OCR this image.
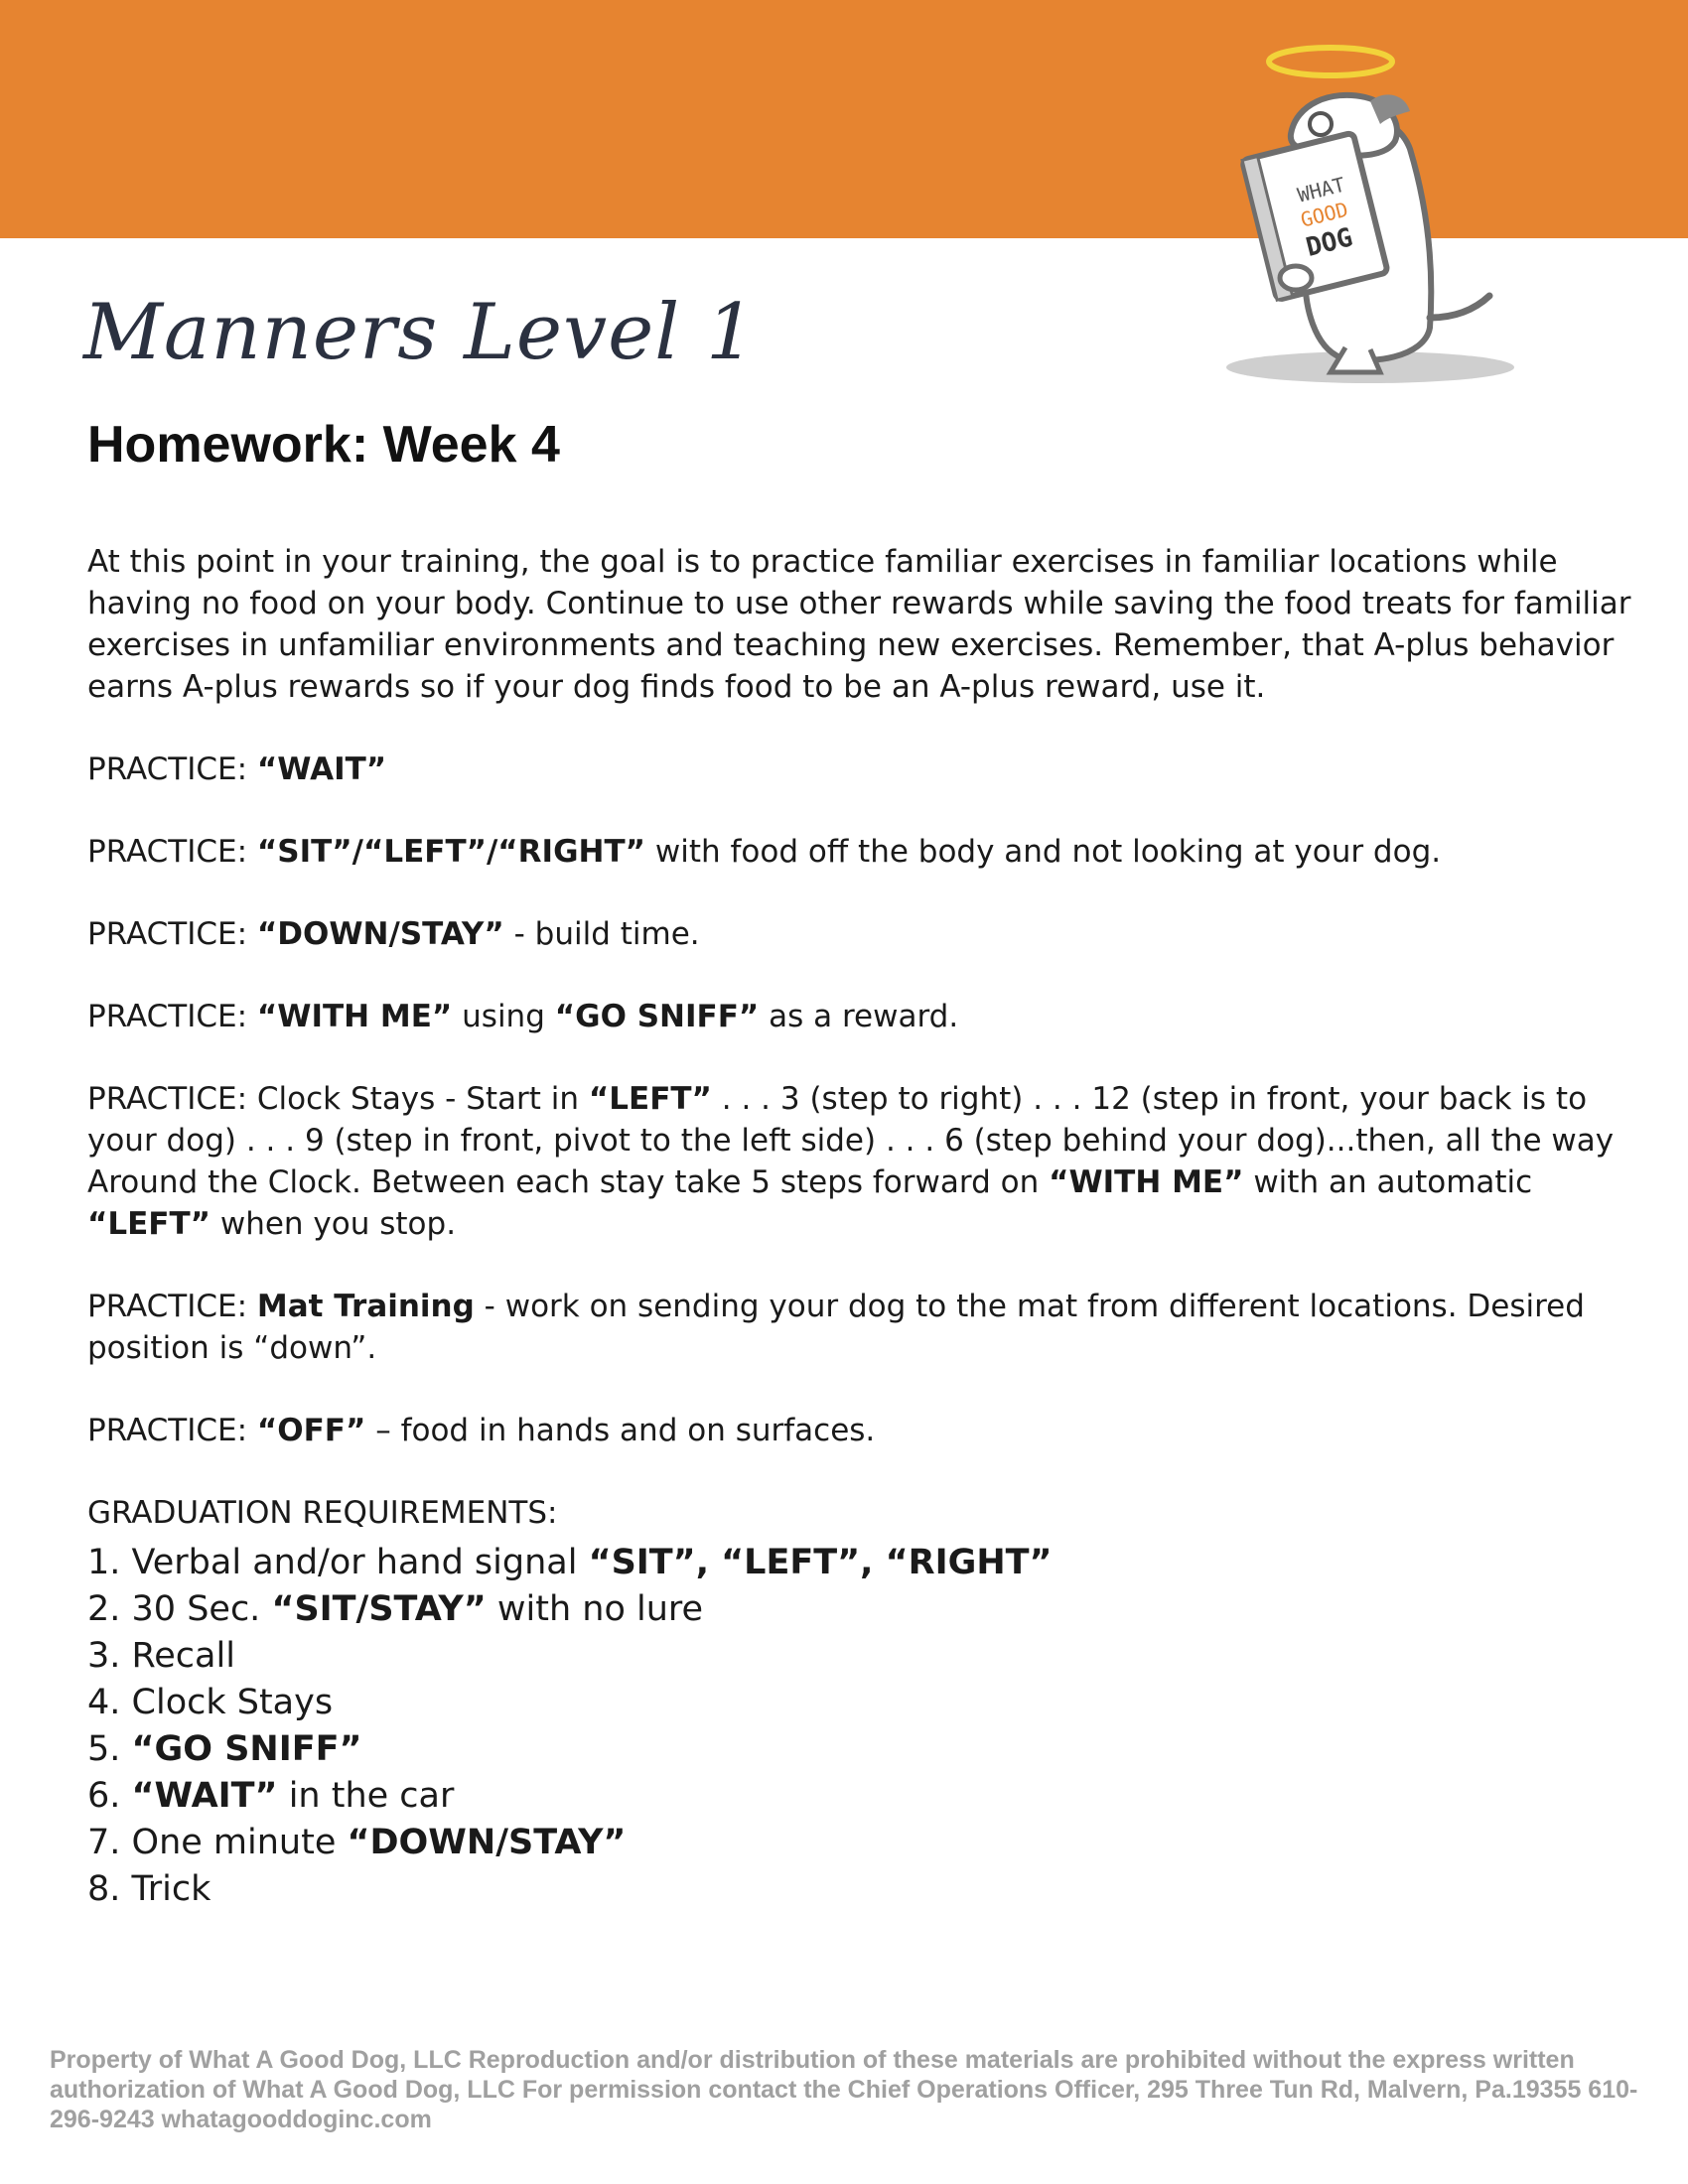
WHAT
GOOD
DOG
Manners Level 1
Homework: Week 4

At this point in your training, the goal is to practice familiar exercises in familiar locations while having no food on your body. Continue to use other rewards while saving the food treats for familiar exercises in unfamiliar environments and teaching new exercises. Remember, that A-plus behavior earns A-plus rewards so if your dog finds food to be an A-plus reward, use it.

PRACTICE: “WAIT”

PRACTICE: “SIT”/“LEFT”/“RIGHT” with food off the body and not looking at your dog.

PRACTICE: “DOWN/STAY” - build time.

PRACTICE: “WITH ME” using “GO SNIFF” as a reward.

PRACTICE: Clock Stays - Start in “LEFT” . . . 3 (step to right) . . . 12 (step in front, your back is to your dog) . . . 9 (step in front, pivot to the left side) . . . 6 (step behind your dog)...then, all the way Around the Clock. Between each stay take 5 steps forward on “WITH ME” with an automatic “LEFT” when you stop.

PRACTICE: Mat Training - work on sending your dog to the mat from different locations. Desired position is “down”.

PRACTICE: “OFF” – food in hands and on surfaces.

GRADUATION REQUIREMENTS:
1. Verbal and/or hand signal “SIT”, “LEFT”, “RIGHT”
2. 30 Sec. “SIT/STAY” with no lure
3. Recall
4. Clock Stays
5. “GO SNIFF”
6. “WAIT” in the car
7. One minute “DOWN/STAY”
8. Trick
Property of What A Good Dog, LLC Reproduction and/or distribution of these materials are prohibited without the express written authorization of What A Good Dog, LLC For permission contact the Chief Operations Officer, 295 Three Tun Rd, Malvern, Pa.19355 610-296-9243 whatagooddoginc.com
